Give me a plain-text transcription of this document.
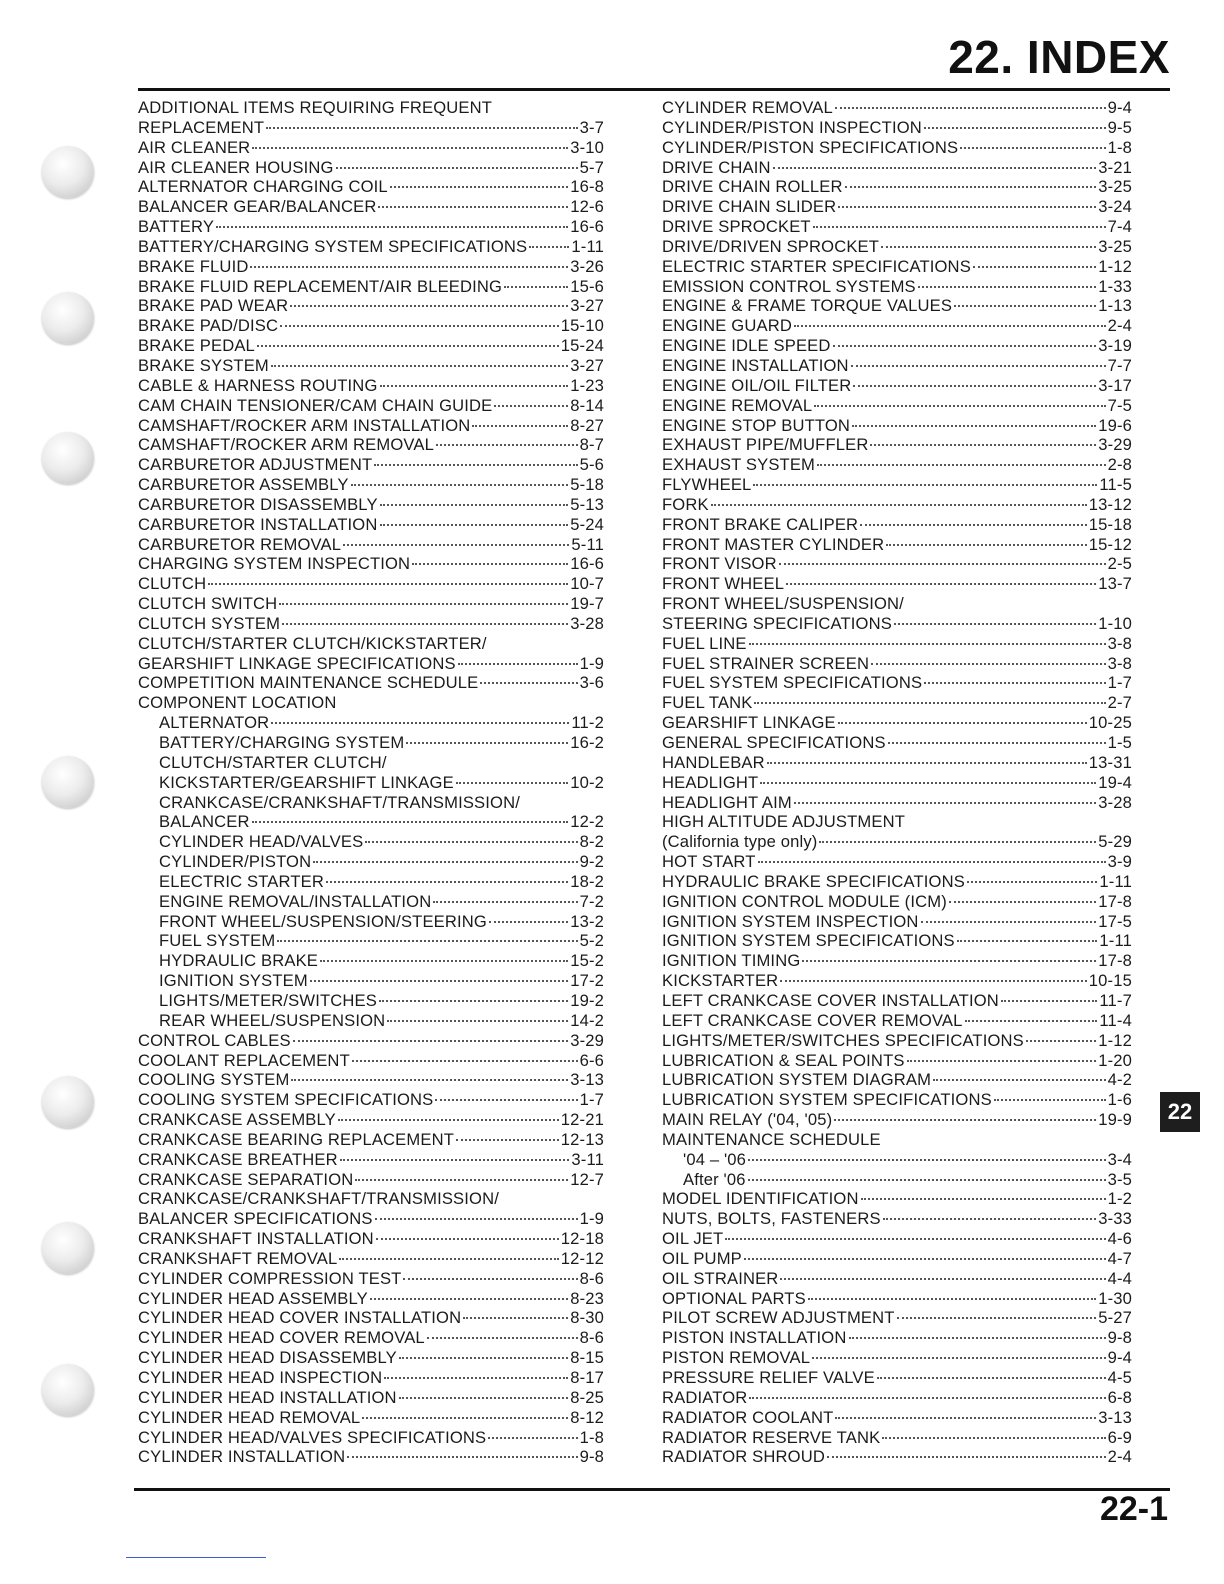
22. INDEX
ADDITIONAL ITEMS REQUIRING FREQUENT
REPLACEMENT	3-7
AIR CLEANER	3-10
AIR CLEANER HOUSING	5-7
ALTERNATOR CHARGING COIL	16-8
BALANCER GEAR/BALANCER	12-6
BATTERY	16-6
BATTERY/CHARGING SYSTEM SPECIFICATIONS	1-11
BRAKE FLUID	3-26
BRAKE FLUID REPLACEMENT/AIR BLEEDING	15-6
BRAKE PAD WEAR	3-27
BRAKE PAD/DISC	15-10
BRAKE PEDAL	15-24
BRAKE SYSTEM	3-27
CABLE & HARNESS ROUTING	1-23
CAM CHAIN TENSIONER/CAM CHAIN GUIDE	8-14
CAMSHAFT/ROCKER ARM INSTALLATION	8-27
CAMSHAFT/ROCKER ARM REMOVAL	8-7
CARBURETOR ADJUSTMENT	5-6
CARBURETOR ASSEMBLY	5-18
CARBURETOR DISASSEMBLY	5-13
CARBURETOR INSTALLATION	5-24
CARBURETOR REMOVAL	5-11
CHARGING SYSTEM INSPECTION	16-6
CLUTCH	10-7
CLUTCH SWITCH	19-7
CLUTCH SYSTEM	3-28
CLUTCH/STARTER CLUTCH/KICKSTARTER/
GEARSHIFT LINKAGE SPECIFICATIONS	1-9
COMPETITION MAINTENANCE SCHEDULE	3-6
COMPONENT LOCATION
ALTERNATOR	11-2
BATTERY/CHARGING SYSTEM	16-2
CLUTCH/STARTER CLUTCH/
KICKSTARTER/GEARSHIFT LINKAGE	10-2
CRANKCASE/CRANKSHAFT/TRANSMISSION/
BALANCER	12-2
CYLINDER HEAD/VALVES	8-2
CYLINDER/PISTON	9-2
ELECTRIC STARTER	18-2
ENGINE REMOVAL/INSTALLATION	7-2
FRONT WHEEL/SUSPENSION/STEERING	13-2
FUEL SYSTEM	5-2
HYDRAULIC BRAKE	15-2
IGNITION SYSTEM	17-2
LIGHTS/METER/SWITCHES	19-2
REAR WHEEL/SUSPENSION	14-2
CONTROL CABLES	3-29
COOLANT REPLACEMENT	6-6
COOLING SYSTEM	3-13
COOLING SYSTEM SPECIFICATIONS	1-7
CRANKCASE ASSEMBLY	12-21
CRANKCASE BEARING REPLACEMENT	12-13
CRANKCASE BREATHER	3-11
CRANKCASE SEPARATION	12-7
CRANKCASE/CRANKSHAFT/TRANSMISSION/
BALANCER SPECIFICATIONS	1-9
CRANKSHAFT INSTALLATION	12-18
CRANKSHAFT REMOVAL	12-12
CYLINDER COMPRESSION TEST	8-6
CYLINDER HEAD ASSEMBLY	8-23
CYLINDER HEAD COVER INSTALLATION	8-30
CYLINDER HEAD COVER REMOVAL	8-6
CYLINDER HEAD DISASSEMBLY	8-15
CYLINDER HEAD INSPECTION	8-17
CYLINDER HEAD INSTALLATION	8-25
CYLINDER HEAD REMOVAL	8-12
CYLINDER HEAD/VALVES SPECIFICATIONS	1-8
CYLINDER INSTALLATION	9-8
CYLINDER REMOVAL	9-4
CYLINDER/PISTON INSPECTION	9-5
CYLINDER/PISTON SPECIFICATIONS	1-8
DRIVE CHAIN	3-21
DRIVE CHAIN ROLLER	3-25
DRIVE CHAIN SLIDER	3-24
DRIVE SPROCKET	7-4
DRIVE/DRIVEN SPROCKET	3-25
ELECTRIC STARTER SPECIFICATIONS	1-12
EMISSION CONTROL SYSTEMS	1-33
ENGINE & FRAME TORQUE VALUES	1-13
ENGINE GUARD	2-4
ENGINE IDLE SPEED	3-19
ENGINE INSTALLATION	7-7
ENGINE OIL/OIL FILTER	3-17
ENGINE REMOVAL	7-5
ENGINE STOP BUTTON	19-6
EXHAUST PIPE/MUFFLER	3-29
EXHAUST SYSTEM	2-8
FLYWHEEL	11-5
FORK	13-12
FRONT BRAKE CALIPER	15-18
FRONT MASTER CYLINDER	15-12
FRONT VISOR	2-5
FRONT WHEEL	13-7
FRONT WHEEL/SUSPENSION/
STEERING SPECIFICATIONS	1-10
FUEL LINE	3-8
FUEL STRAINER SCREEN	3-8
FUEL SYSTEM SPECIFICATIONS	1-7
FUEL TANK	2-7
GEARSHIFT LINKAGE	10-25
GENERAL SPECIFICATIONS	1-5
HANDLEBAR	13-31
HEADLIGHT	19-4
HEADLIGHT AIM	3-28
HIGH ALTITUDE ADJUSTMENT
(California type only)	5-29
HOT START	3-9
HYDRAULIC BRAKE SPECIFICATIONS	1-11
IGNITION CONTROL MODULE (ICM)	17-8
IGNITION SYSTEM INSPECTION	17-5
IGNITION SYSTEM SPECIFICATIONS	1-11
IGNITION TIMING	17-8
KICKSTARTER	10-15
LEFT CRANKCASE COVER INSTALLATION	11-7
LEFT CRANKCASE COVER REMOVAL	11-4
LIGHTS/METER/SWITCHES SPECIFICATIONS	1-12
LUBRICATION & SEAL POINTS	1-20
LUBRICATION SYSTEM DIAGRAM	4-2
LUBRICATION SYSTEM SPECIFICATIONS	1-6
MAIN RELAY ('04, '05)	19-9
MAINTENANCE SCHEDULE
'04 – '06	3-4
After '06	3-5
MODEL IDENTIFICATION	1-2
NUTS, BOLTS, FASTENERS	3-33
OIL JET	4-6
OIL PUMP	4-7
OIL STRAINER	4-4
OPTIONAL PARTS	1-30
PILOT SCREW ADJUSTMENT	5-27
PISTON INSTALLATION	9-8
PISTON REMOVAL	9-4
PRESSURE RELIEF VALVE	4-5
RADIATOR	6-8
RADIATOR COOLANT	3-13
RADIATOR RESERVE TANK	6-9
RADIATOR SHROUD	2-4
22
22-1
